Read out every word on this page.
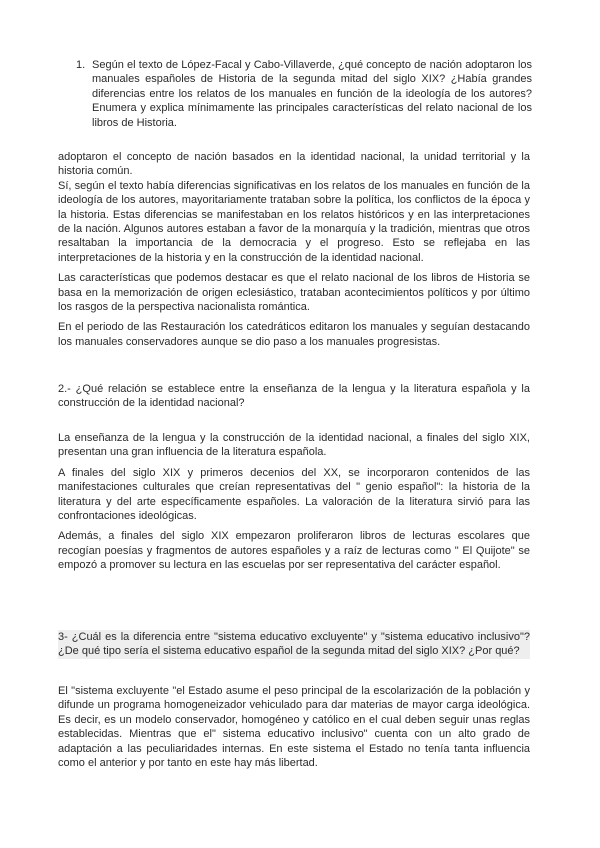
1. Según el texto de López-Facal y Cabo-Villaverde, ¿qué concepto de nación adoptaron los manuales españoles de Historia de la segunda mitad del siglo XIX? ¿Había grandes diferencias entre los relatos de los manuales en función de la ideología de los autores? Enumera y explica mínimamente las principales características del relato nacional de los libros de Historia.

adoptaron el concepto de nación basados en la identidad nacional, la unidad territorial y la historia común.

Sí, según el texto había diferencias significativas en los relatos de los manuales en función de la ideología de los autores, mayoritariamente trataban sobre la política, los conflictos de la época y la historia. Estas diferencias se manifestaban en los relatos históricos y en las interpretaciones de la nación. Algunos autores estaban a favor de la monarquía y la tradición, mientras que otros resaltaban la importancia de la democracia y el progreso. Esto se reflejaba en las interpretaciones de la historia y en la construcción de la identidad nacional.

Las características que podemos destacar es que el relato nacional de los libros de Historia se basa en la memorización de origen eclesiástico, trataban acontecimientos políticos y por último los rasgos de la perspectiva nacionalista romántica.

En el periodo de las Restauración los catedráticos editaron los manuales y seguían destacando los manuales conservadores aunque se dio paso a los manuales progresistas.

2.- ¿Qué relación se establece entre la enseñanza de la lengua y la literatura española y la construcción de la identidad nacional?

La enseñanza de la lengua y la construcción de la identidad nacional, a finales del siglo XIX, presentan una gran influencia de la literatura española.

A finales del siglo XIX y primeros decenios del XX, se incorporaron contenidos de las manifestaciones culturales que creían representativas del " genio español": la historia de la literatura y del arte específicamente españoles. La valoración de la literatura sirvió para las confrontaciones ideológicas.

Además, a finales del siglo XIX empezaron proliferaron libros de lecturas escolares que recogían poesías y fragmentos de autores españoles y a raíz de lecturas como " El Quijote" se empozó a promover su lectura en las escuelas por ser representativa del carácter español.

3- ¿Cuál es la diferencia entre "sistema educativo excluyente" y "sistema educativo inclusivo"? ¿De qué tipo sería el sistema educativo español de la segunda mitad del siglo XIX? ¿Por qué?

El "sistema excluyente "el Estado asume el peso principal de la escolarización de la población y difunde un programa homogeneizador vehiculado para dar materias de mayor carga ideológica. Es decir, es un modelo conservador, homogéneo y católico en el cual deben seguir unas reglas establecidas. Mientras que el" sistema educativo inclusivo" cuenta con un alto grado de adaptación a las peculiaridades internas. En este sistema el Estado no tenía tanta influencia como el anterior y por tanto en este hay más libertad.
